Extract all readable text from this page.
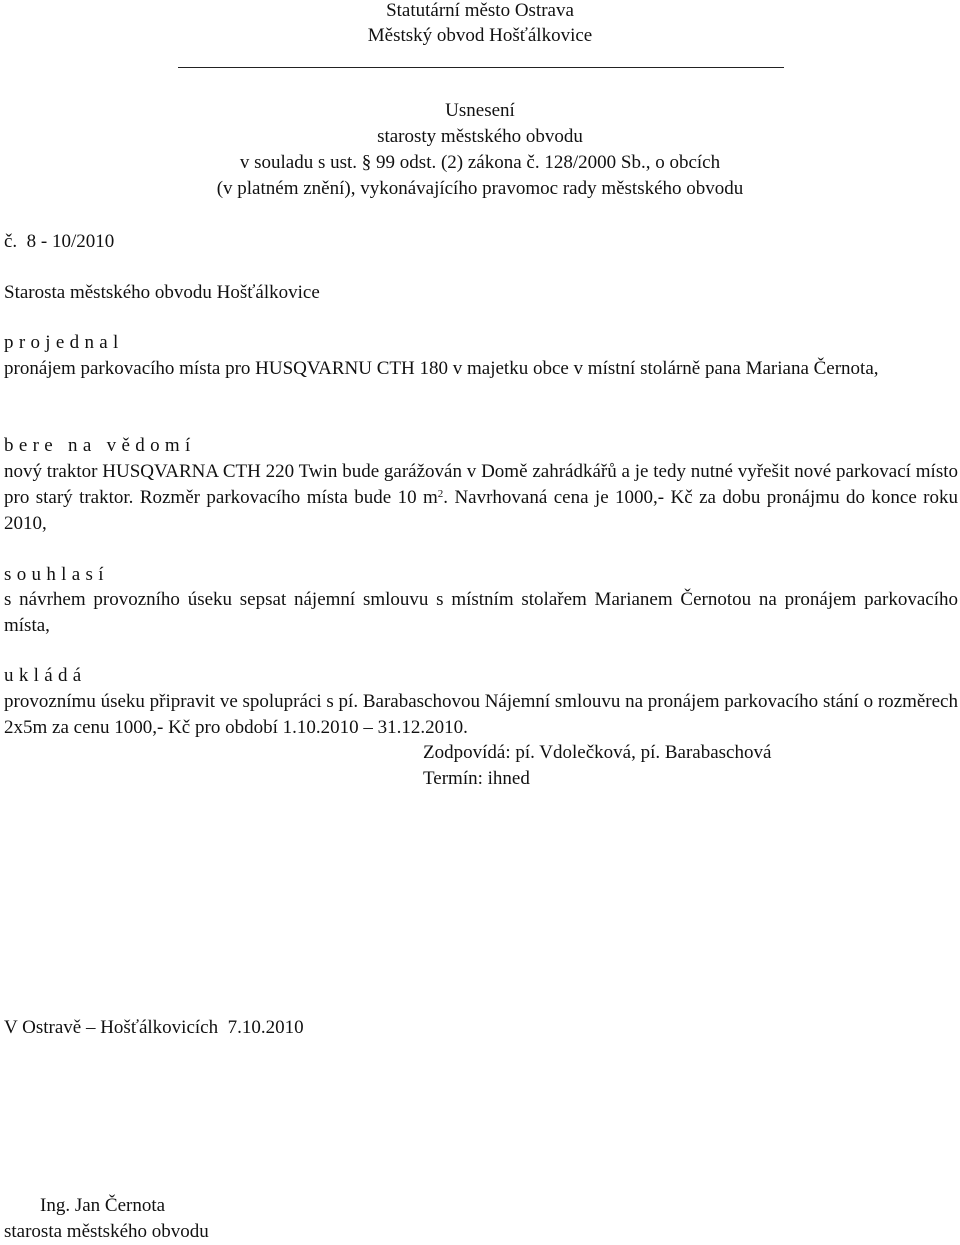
Statutární město Ostrava
Městský obvod Hošťálkovice
Usnesení
starosty městského obvodu
v souladu s ust. § 99 odst. (2) zákona č. 128/2000 Sb., o obcích
(v platném znění), vykonávajícího pravomoc rady městského obvodu
č.  8 - 10/2010
Starosta městského obvodu Hošťálkovice
projednal
pronájem parkovacího místa pro HUSQVARNU CTH 180 v majetku obce v místní stolárně pana Mariana Černota,
bere na vědomí
nový traktor HUSQVARNA CTH 220 Twin bude garážován v Domě zahrádkářů a je tedy nutné vyřešit nové parkovací místo pro starý traktor. Rozměr parkovacího místa bude 10 $m^2$. Navrhovaná cena je 1000,- Kč za dobu pronájmu do konce roku 2010,
souhlasí
s návrhem provozního úseku sepsat nájemní smlouvu s místním stolařem Marianem Černotou na pronájem parkovacího místa,
ukládá
provoznímu úseku připravit ve spolupráci s pí. Barabaschovou Nájemní smlouvu na pronájem parkovacího stání o rozměrech 2x5m za cenu 1000,- Kč pro období 1.10.2010 – 31.12.2010.
Zodpovídá: pí. Vdolečková, pí. Barabaschová
Termín: ihned
V Ostravě – Hošťálkovicích  7.10.2010
Ing. Jan Černota
starosta městského obvodu
